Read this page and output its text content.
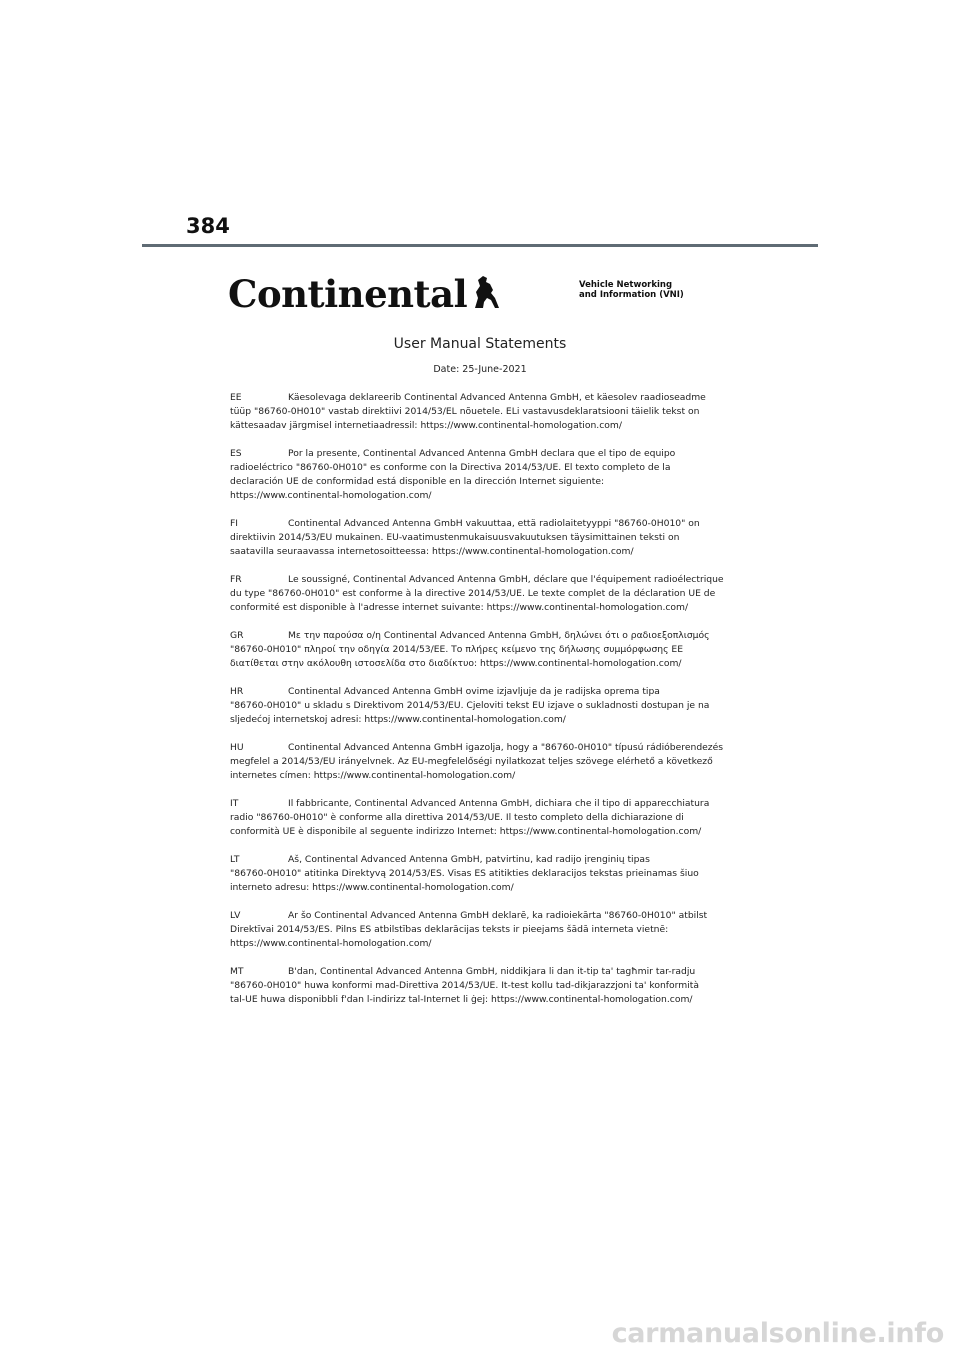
384
Continental	Vehicle Networking
and Information (VNI)
User Manual Statements
Date: 25-June-2021
EE	Käesolevaga deklareerib Continental Advanced Antenna GmbH, et käesolev raadioseadme
tüüp "86760-0H010" vastab direktiivi 2014/53/EL nõuetele. ELi vastavusdeklaratsiooni täielik tekst on
kättesaadav järgmisel internetiaadressil: https://www.continental-homologation.com/
ES	Por la presente, Continental Advanced Antenna GmbH declara que el tipo de equipo
radioeléctrico "86760-0H010" es conforme con la Directiva 2014/53/UE. El texto completo de la
declaración UE de conformidad está disponible en la dirección Internet siguiente:
https://www.continental-homologation.com/
FI	Continental Advanced Antenna GmbH vakuuttaa, että radiolaitetyyppi "86760-0H010" on
direktiivin 2014/53/EU mukainen. EU-vaatimustenmukaisuusvakuutuksen täysimittainen teksti on
saatavilla seuraavassa internetosoitteessa: https://www.continental-homologation.com/
FR	Le soussigné, Continental Advanced Antenna GmbH, déclare que l'équipement radioélectrique
du type "86760-0H010" est conforme à la directive 2014/53/UE. Le texte complet de la déclaration UE de
conformité est disponible à l'adresse internet suivante: https://www.continental-homologation.com/
GR	Με την παρούσα ο/η Continental Advanced Antenna GmbH, δηλώνει ότι ο ραδιοεξοπλισμός
"86760-0H010" πληροί την οδηγία 2014/53/ΕΕ. Το πλήρες κείμενο της δήλωσης συμμόρφωσης ΕΕ
διατίθεται στην ακόλουθη ιστοσελίδα στο διαδίκτυο: https://www.continental-homologation.com/
HR	Continental Advanced Antenna GmbH ovime izjavljuje da je radijska oprema tipa
"86760-0H010" u skladu s Direktivom 2014/53/EU. Cjeloviti tekst EU izjave o sukladnosti dostupan je na
sljedećoj internetskoj adresi: https://www.continental-homologation.com/
HU	Continental Advanced Antenna GmbH igazolja, hogy a "86760-0H010" típusú rádióberendezés
megfelel a 2014/53/EU irányelvnek. Az EU-megfelelőségi nyilatkozat teljes szövege elérhető a következő
internetes címen: https://www.continental-homologation.com/
IT	Il fabbricante, Continental Advanced Antenna GmbH, dichiara che il tipo di apparecchiatura
radio "86760-0H010" è conforme alla direttiva 2014/53/UE. Il testo completo della dichiarazione di
conformità UE è disponibile al seguente indirizzo Internet: https://www.continental-homologation.com/
LT	Aš, Continental Advanced Antenna GmbH, patvirtinu, kad radijo įrenginių tipas
"86760-0H010" atitinka Direktyvą 2014/53/ES. Visas ES atitikties deklaracijos tekstas prieinamas šiuo
interneto adresu: https://www.continental-homologation.com/
LV	Ar šo Continental Advanced Antenna GmbH deklarē, ka radioiekārta "86760-0H010" atbilst
Direktīvai 2014/53/ES. Pilns ES atbilstības deklarācijas teksts ir pieejams šādā interneta vietnē:
https://www.continental-homologation.com/
MT	B'dan, Continental Advanced Antenna GmbH, niddikjara li dan it-tip ta' tagħmir tar-radju
"86760-0H010" huwa konformi mad-Direttiva 2014/53/UE. It-test kollu tad-dikjarazzjoni ta' konformità
tal-UE huwa disponibbli f'dan l-indirizz tal-Internet li ġej: https://www.continental-homologation.com/
carmanualsonline.info
